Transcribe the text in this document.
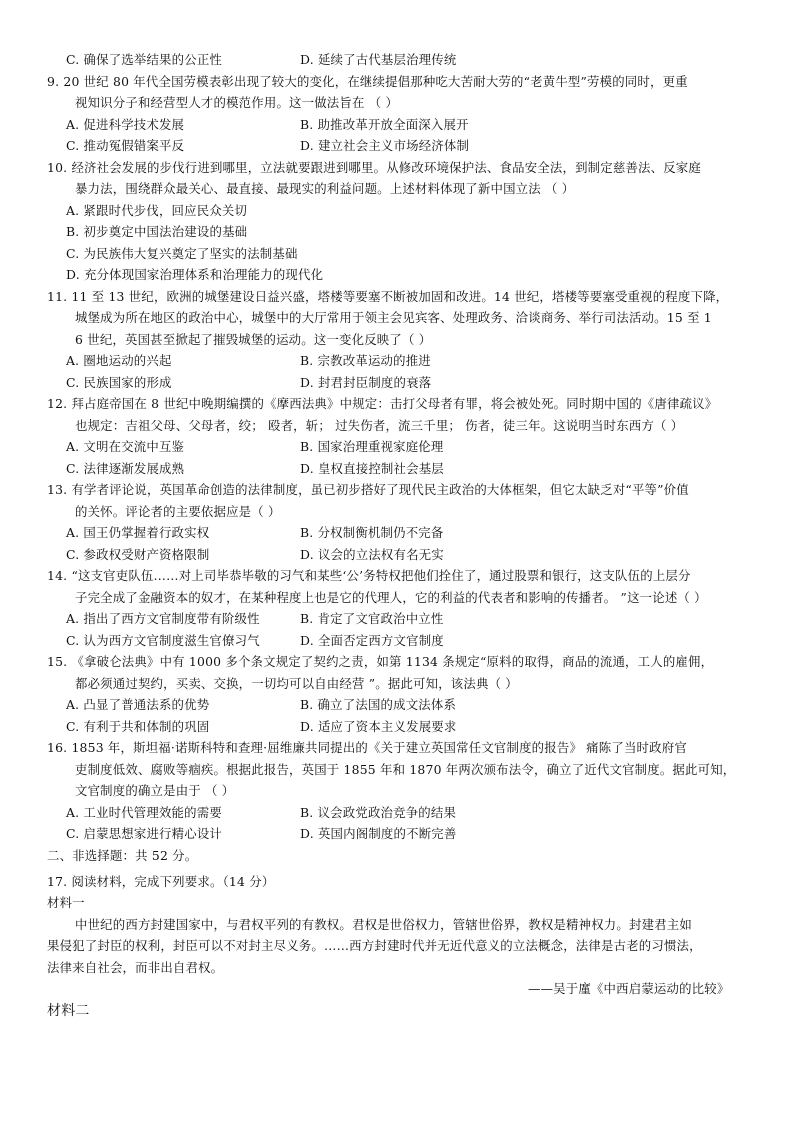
C. 确保了选举结果的公正性	D. 延续了古代基层治理传统
9. 20 世纪 80 年代全国劳模表彰出现了较大的变化，在继续提倡那种吃大苦耐大劳的“老黄牛型”劳模的同时，更重
视知识分子和经营型人才的模范作用。这一做法旨在 （ ）
A. 促进科学技术发展	B. 助推改革开放全面深入展开
C. 推动冤假错案平反	D. 建立社会主义市场经济体制
10. 经济社会发展的步伐行进到哪里，立法就要跟进到哪里。从修改环境保护法、食品安全法，到制定慈善法、反家庭
暴力法，围绕群众最关心、最直接、最现实的利益问题。上述材料体现了新中国立法 （ ）
A. 紧跟时代步伐，回应民众关切
B. 初步奠定中国法治建设的基础
C. 为民族伟大复兴奠定了坚实的法制基础
D. 充分体现国家治理体系和治理能力的现代化
11. 11 至 13 世纪，欧洲的城堡建设日益兴盛，塔楼等要塞不断被加固和改进。14 世纪，塔楼等要塞受重视的程度下降，
城堡成为所在地区的政治中心，城堡中的大厅常用于领主会见宾客、处理政务、洽谈商务、举行司法活动。15 至 1
6 世纪，英国甚至掀起了摧毁城堡的运动。这一变化反映了（ ）
A. 圈地运动的兴起	B. 宗教改革运动的推进
C. 民族国家的形成	D. 封君封臣制度的衰落
12. 拜占庭帝国在 8 世纪中晚期编撰的《摩西法典》中规定：击打父母者有罪，将会被处死。同时期中国的《唐律疏议》
也规定：吉祖父母、父母者，绞； 殴者，斩； 过失伤者，流三千里； 伤者，徒三年。这说明当时东西方（ ）
A. 文明在交流中互鉴	B. 国家治理重视家庭伦理
C. 法律逐渐发展成熟	D. 皇权直接控制社会基层
13. 有学者评论说，英国革命创造的法律制度，虽已初步搭好了现代民主政治的大体框架，但它太缺乏对“平等”价值
的关怀。评论者的主要依据应是（ ）
A. 国王仍掌握着行政实权	B. 分权制衡机制仍不完备
C. 参政权受财产资格限制	D. 议会的立法权有名无实
14. “这支官吏队伍……对上司毕恭毕敬的习气和某些‘公’务特权把他们拴住了，通过股票和银行，这支队伍的上层分
子完全成了金融资本的奴才，在某种程度上也是它的代理人，它的利益的代表者和影响的传播者。 ”这一论述（ ）
A. 指出了西方文官制度带有阶级性	B. 肯定了文官政治中立性
C. 认为西方文官制度滋生官僚习气	D. 全面否定西方文官制度
15. 《拿破仑法典》中有 1000 多个条文规定了契约之责，如第 1134 条规定“原料的取得，商品的流通，工人的雇佣，
都必须通过契约，买卖、交换，一切均可以自由经营 ”。据此可知，该法典（ ）
A. 凸显了普通法系的优势	B. 确立了法国的成文法体系
C. 有利于共和体制的巩固	D. 适应了资本主义发展要求
16. 1853 年，斯坦福·诺斯科特和查理·屈维廉共同提出的《关于建立英国常任文官制度的报告》 痛陈了当时政府官
吏制度低效、腐败等痼疾。根据此报告，英国于 1855 年和 1870 年两次颁布法令，确立了近代文官制度。据此可知，
文官制度的确立是由于 （ ）
A. 工业时代管理效能的需要	B. 议会政党政治竞争的结果
C. 启蒙思想家进行精心设计	D. 英国内阁制度的不断完善
二、非选择题：共 52 分。
17. 阅读材料，完成下列要求。（14 分）
材料一
中世纪的西方封建国家中，与君权平列的有教权。君权是世俗权力，管辖世俗界，教权是精神权力。封建君主如
果侵犯了封臣的权利，封臣可以不对封主尽义务。……西方封建时代并无近代意义的立法概念，法律是古老的习惯法，
法律来自社会，而非出自君权。
——吴于廑《中西启蒙运动的比较》
材料二
